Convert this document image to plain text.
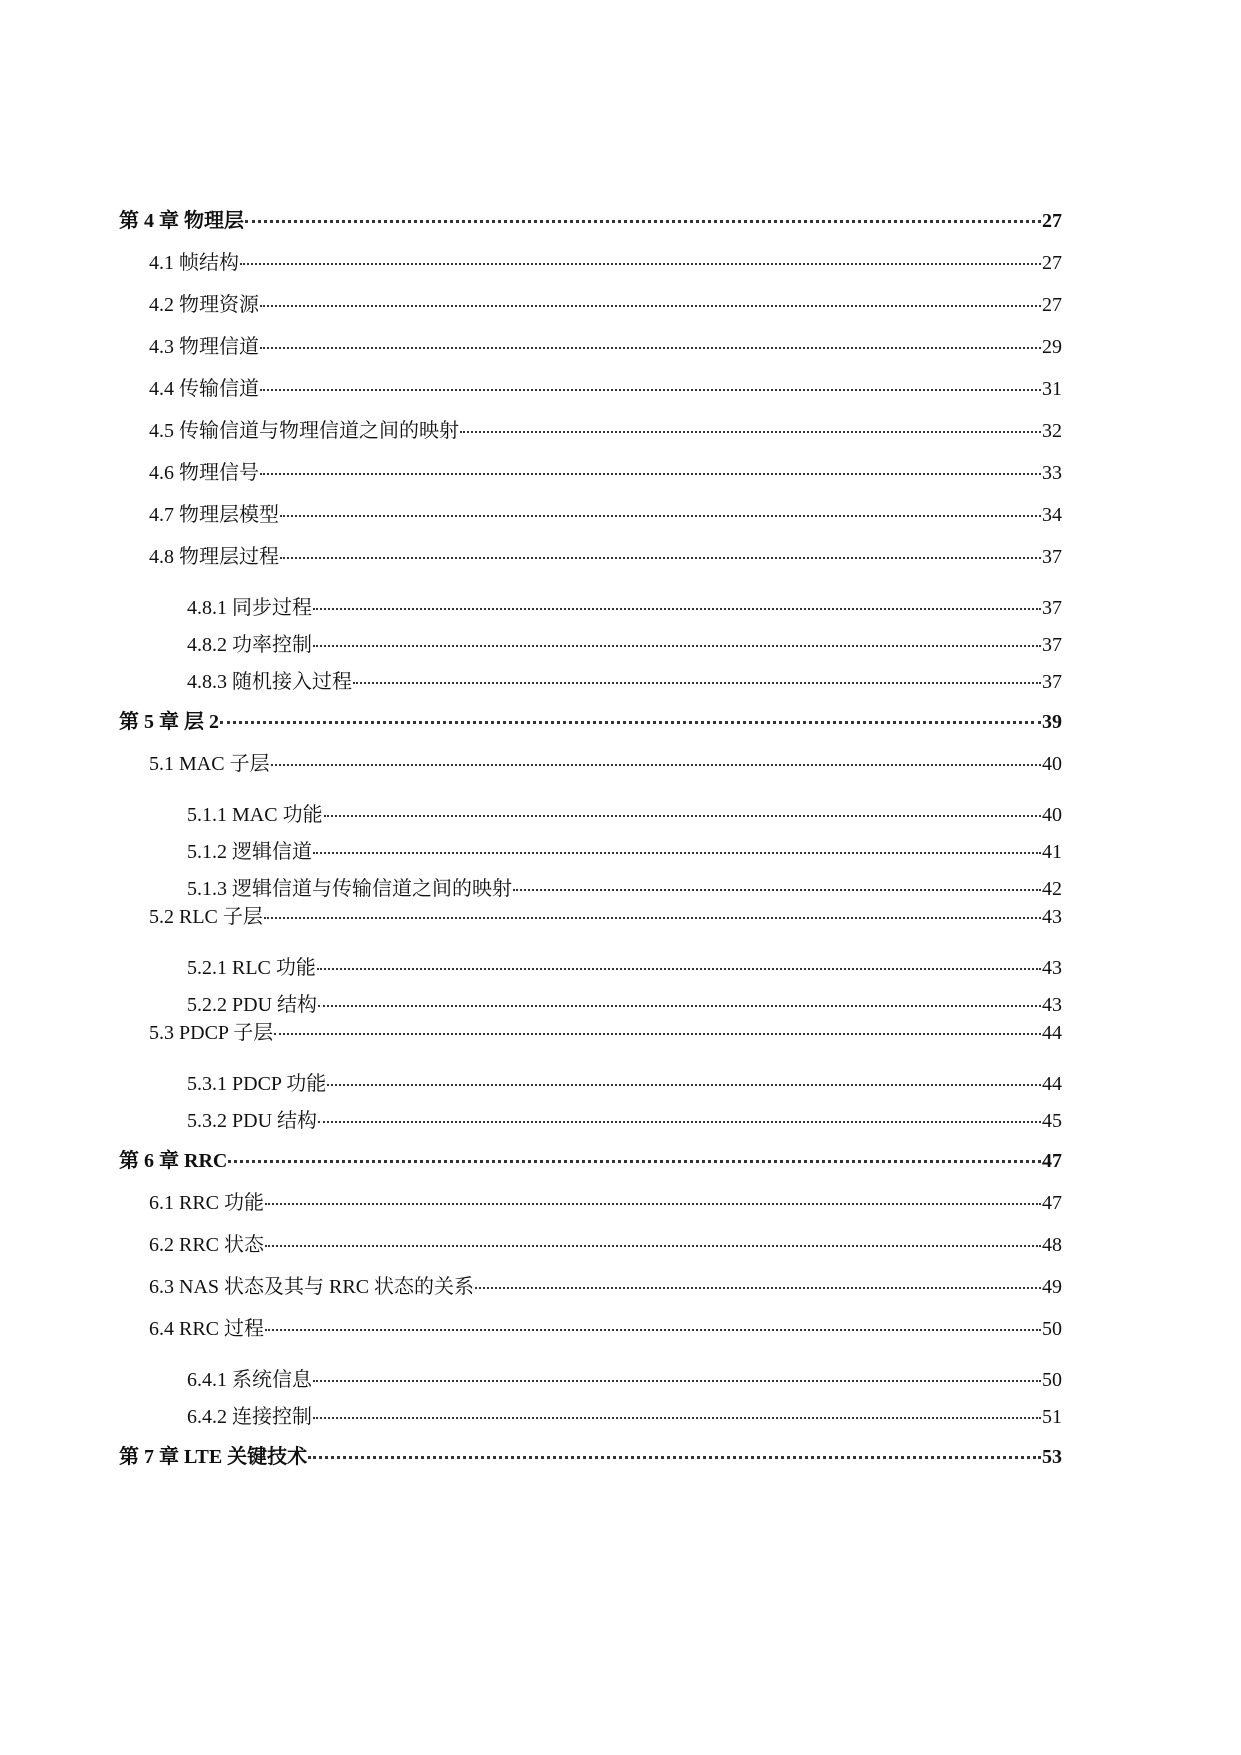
第 4 章 物理层	27
4.1 帧结构	27
4.2 物理资源	27
4.3 物理信道	29
4.4 传输信道	31
4.5 传输信道与物理信道之间的映射	32
4.6 物理信号	33
4.7 物理层模型	34
4.8 物理层过程	37
4.8.1 同步过程	37
4.8.2 功率控制	37
4.8.3 随机接入过程	37
第 5 章 层 2	39
5.1 MAC 子层	40
5.1.1 MAC 功能	40
5.1.2 逻辑信道	41
5.1.3 逻辑信道与传输信道之间的映射	42
5.2 RLC 子层	43
5.2.1 RLC 功能	43
5.2.2 PDU 结构	43
5.3 PDCP 子层	44
5.3.1 PDCP 功能	44
5.3.2 PDU 结构	45
第 6 章 RRC	47
6.1 RRC 功能	47
6.2 RRC 状态	48
6.3 NAS 状态及其与 RRC 状态的关系	49
6.4 RRC 过程	50
6.4.1 系统信息	50
6.4.2 连接控制	51
第 7 章 LTE 关键技术	53
